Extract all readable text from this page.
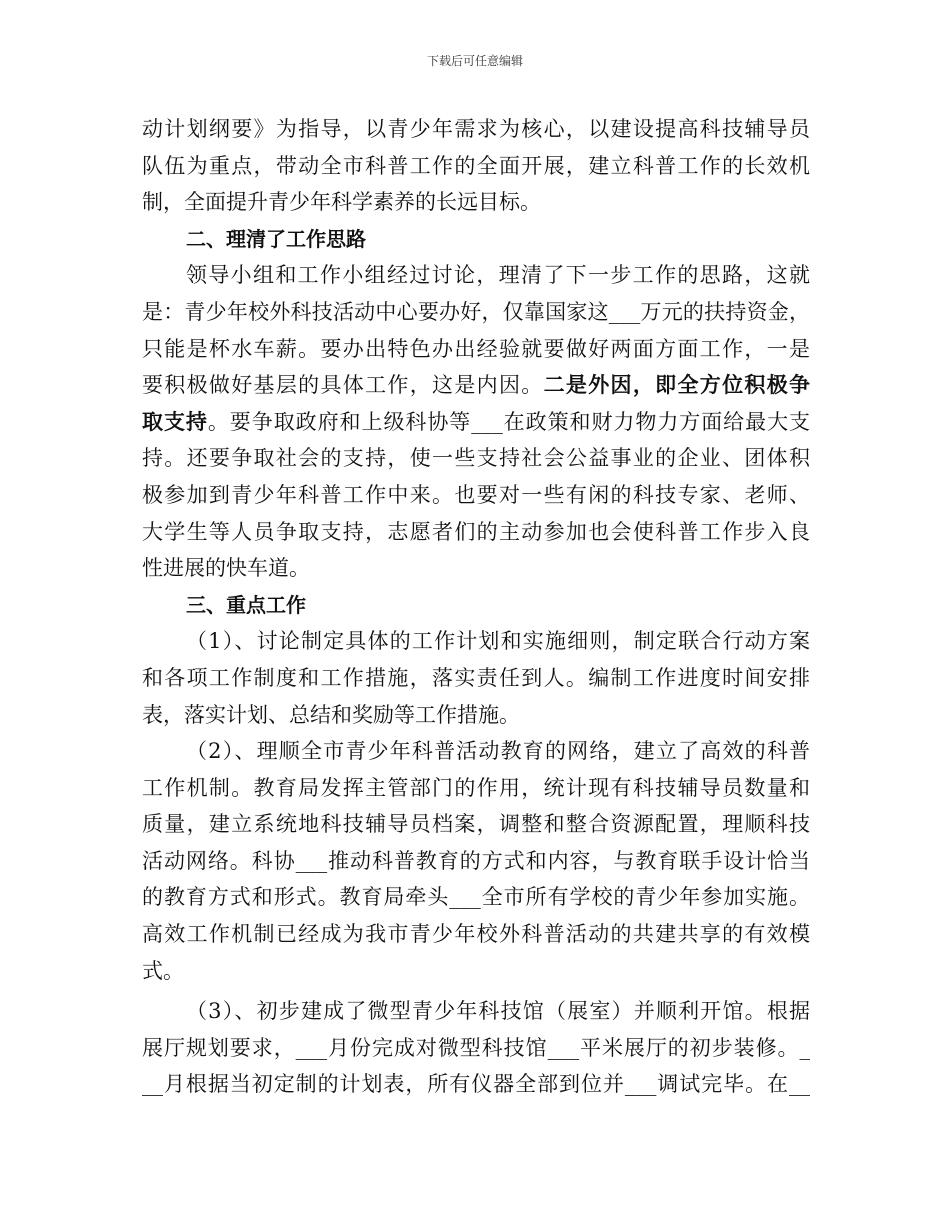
下载后可任意编辑
动计划纲要》为指导，以青少年需求为核心，以建设提高科技辅导员
队伍为重点，带动全市科普工作的全面开展，建立科普工作的长效机
制，全面提升青少年科学素养的长远目标。
二、理清了工作思路
领导小组和工作小组经过讨论，理清了下一步工作的思路，这就
是：青少年校外科技活动中心要办好，仅靠国家这___万元的扶持资金，
只能是杯水车薪。要办出特色办出经验就要做好两面方面工作，一是
要积极做好基层的具体工作，这是内因。二是外因，即全方位积极争
取支持。要争取政府和上级科协等___在政策和财力物力方面给最大支
持。还要争取社会的支持，使一些支持社会公益事业的企业、团体积
极参加到青少年科普工作中来。也要对一些有闲的科技专家、老师、
大学生等人员争取支持，志愿者们的主动参加也会使科普工作步入良
性进展的快车道。
三、重点工作
（1）、讨论制定具体的工作计划和实施细则，制定联合行动方案
和各项工作制度和工作措施，落实责任到人。编制工作进度时间安排
表，落实计划、总结和奖励等工作措施。
（2）、理顺全市青少年科普活动教育的网络，建立了高效的科普
工作机制。教育局发挥主管部门的作用，统计现有科技辅导员数量和
质量，建立系统地科技辅导员档案，调整和整合资源配置，理顺科技
活动网络。科协___推动科普教育的方式和内容，与教育联手设计恰当
的教育方式和形式。教育局牵头___全市所有学校的青少年参加实施。
高效工作机制已经成为我市青少年校外科普活动的共建共享的有效模
式。
（3）、初步建成了微型青少年科技馆（展室）并顺利开馆。根据
展厅规划要求，___月份完成对微型科技馆___平米展厅的初步装修。_
__月根据当初定制的计划表，所有仪器全部到位并___调试完毕。在__
